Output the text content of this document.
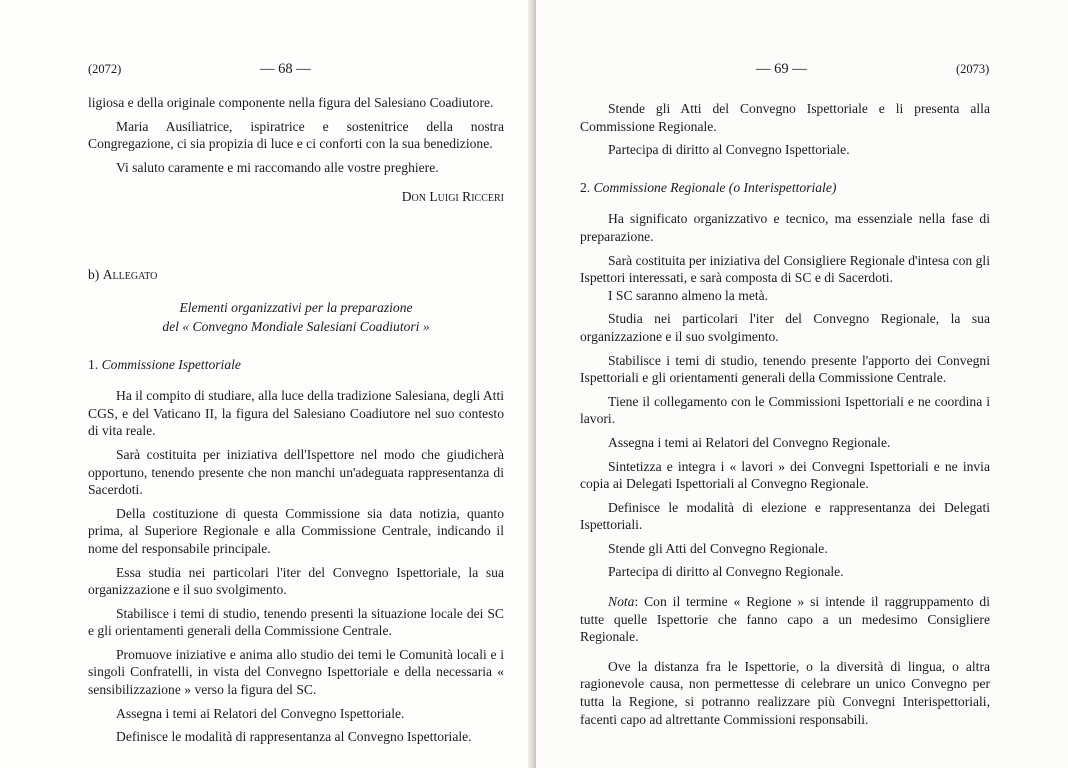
(2072)	— 68 —

ligiosa e della originale componente nella figura del Salesiano Coadiutore.

Maria Ausiliatrice, ispiratrice e sostenitrice della nostra Congregazione, ci sia propizia di luce e ci conforti con la sua benedizione.

Vi saluto caramente e mi raccomando alle vostre preghiere.

Don Luigi Ricceri

b) Allegato

Elementi organizzativi per la preparazione
del « Convegno Mondiale Salesiani Coadiutori »

1. Commissione Ispettoriale

Ha il compito di studiare, alla luce della tradizione Salesiana, degli Atti CGS, e del Vaticano II, la figura del Salesiano Coadiutore nel suo contesto di vita reale.

Sarà costituita per iniziativa dell'Ispettore nel modo che giudicherà opportuno, tenendo presente che non manchi un'adeguata rappresentanza di Sacerdoti.

Della costituzione di questa Commissione sia data notizia, quanto prima, al Superiore Regionale e alla Commissione Centrale, indicando il nome del responsabile principale.

Essa studia nei particolari l'iter del Convegno Ispettoriale, la sua organizzazione e il suo svolgimento.

Stabilisce i temi di studio, tenendo presenti la situazione locale dei SC e gli orientamenti generali della Commissione Centrale.

Promuove iniziative e anima allo studio dei temi le Comunità locali e i singoli Confratelli, in vista del Convegno Ispettoriale e della necessaria « sensibilizzazione » verso la figura del SC.

Assegna i temi ai Relatori del Convegno Ispettoriale.

Definisce le modalità di rappresentanza al Convegno Ispettoriale.

— 69 —	(2073)

Stende gli Atti del Convegno Ispettoriale e li presenta alla Commissione Regionale.

Partecipa di diritto al Convegno Ispettoriale.

2. Commissione Regionale (o Interispettoriale)

Ha significato organizzativo e tecnico, ma essenziale nella fase di preparazione.

Sarà costituita per iniziativa del Consigliere Regionale d'intesa con gli Ispettori interessati, e sarà composta di SC e di Sacerdoti.

I SC saranno almeno la metà.

Studia nei particolari l'iter del Convegno Regionale, la sua organizzazione e il suo svolgimento.

Stabilisce i temi di studio, tenendo presente l'apporto dei Convegni Ispettoriali e gli orientamenti generali della Commissione Centrale.

Tiene il collegamento con le Commissioni Ispettoriali e ne coordina i lavori.

Assegna i temi ai Relatori del Convegno Regionale.

Sintetizza e integra i « lavori » dei Convegni Ispettoriali e ne invia copia ai Delegati Ispettoriali al Convegno Regionale.

Definisce le modalità di elezione e rappresentanza dei Delegati Ispettoriali.

Stende gli Atti del Convegno Regionale.

Partecipa di diritto al Convegno Regionale.

Nota: Con il termine « Regione » si intende il raggruppamento di tutte quelle Ispettorie che fanno capo a un medesimo Consigliere Regionale.

Ove la distanza fra le Ispettorie, o la diversità di lingua, o altra ragionevole causa, non permettesse di celebrare un unico Convegno per tutta la Regione, si potranno realizzare più Convegni Interispettoriali, facenti capo ad altrettante Commissioni responsabili.
